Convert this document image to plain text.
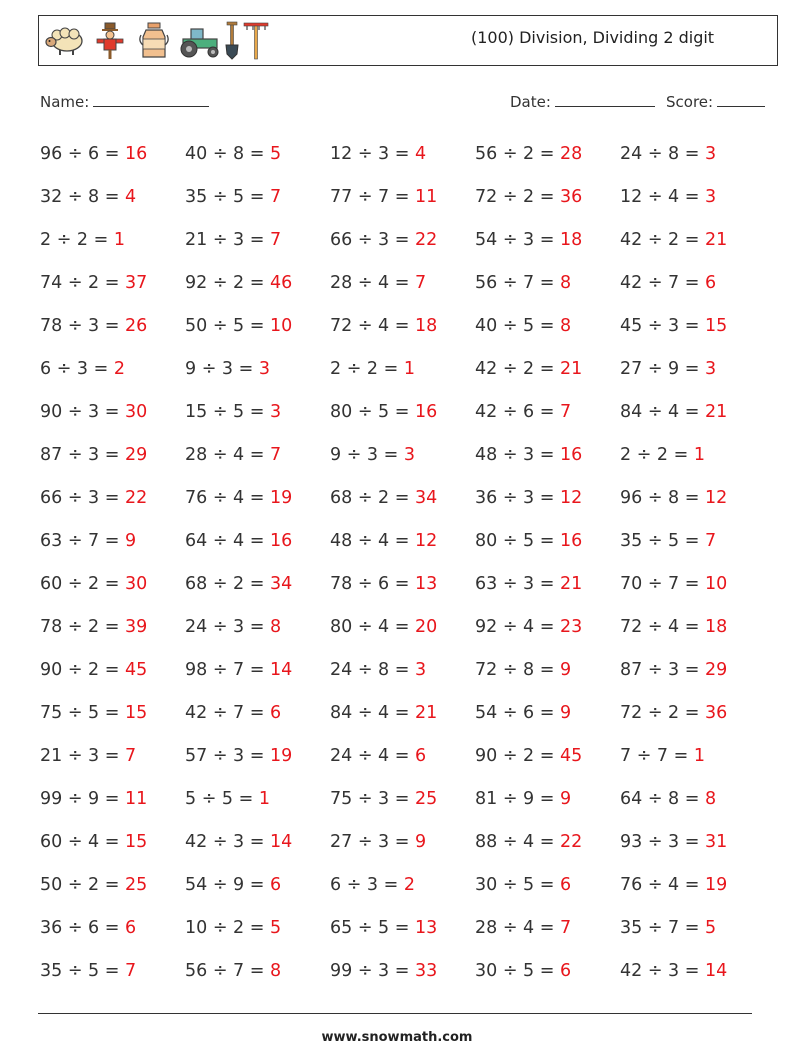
(100) Division, Dividing 2 digit
Name:	Date:	Score:
96 ÷ 6 = 16 40 ÷ 8 = 5	12 ÷ 3 = 4	56 ÷ 2 = 28 24 ÷ 8 = 3
32 ÷ 8 = 4	35 ÷ 5 = 7	77 ÷ 7 = 11 72 ÷ 2 = 36 12 ÷ 4 = 3
2 ÷ 2 = 1	21 ÷ 3 = 7	66 ÷ 3 = 22 54 ÷ 3 = 18 42 ÷ 2 = 21
74 ÷ 2 = 37 92 ÷ 2 = 46 28 ÷ 4 = 7	56 ÷ 7 = 8	42 ÷ 7 = 6
78 ÷ 3 = 26 50 ÷ 5 = 10 72 ÷ 4 = 18 40 ÷ 5 = 8	45 ÷ 3 = 15
6 ÷ 3 = 2	9 ÷ 3 = 3	2 ÷ 2 = 1	42 ÷ 2 = 21 27 ÷ 9 = 3
90 ÷ 3 = 30 15 ÷ 5 = 3	80 ÷ 5 = 16 42 ÷ 6 = 7	84 ÷ 4 = 21
87 ÷ 3 = 29 28 ÷ 4 = 7	9 ÷ 3 = 3	48 ÷ 3 = 16 2 ÷ 2 = 1
66 ÷ 3 = 22 76 ÷ 4 = 19 68 ÷ 2 = 34 36 ÷ 3 = 12 96 ÷ 8 = 12
63 ÷ 7 = 9	64 ÷ 4 = 16 48 ÷ 4 = 12 80 ÷ 5 = 16 35 ÷ 5 = 7
60 ÷ 2 = 30 68 ÷ 2 = 34 78 ÷ 6 = 13 63 ÷ 3 = 21 70 ÷ 7 = 10
78 ÷ 2 = 39 24 ÷ 3 = 8	80 ÷ 4 = 20 92 ÷ 4 = 23 72 ÷ 4 = 18
90 ÷ 2 = 45 98 ÷ 7 = 14 24 ÷ 8 = 3	72 ÷ 8 = 9	87 ÷ 3 = 29
75 ÷ 5 = 15 42 ÷ 7 = 6	84 ÷ 4 = 21 54 ÷ 6 = 9	72 ÷ 2 = 36
21 ÷ 3 = 7	57 ÷ 3 = 19 24 ÷ 4 = 6	90 ÷ 2 = 45 7 ÷ 7 = 1
99 ÷ 9 = 11 5 ÷ 5 = 1	75 ÷ 3 = 25 81 ÷ 9 = 9	64 ÷ 8 = 8
60 ÷ 4 = 15 42 ÷ 3 = 14 27 ÷ 3 = 9	88 ÷ 4 = 22 93 ÷ 3 = 31
50 ÷ 2 = 25 54 ÷ 9 = 6	6 ÷ 3 = 2	30 ÷ 5 = 6	76 ÷ 4 = 19
36 ÷ 6 = 6	10 ÷ 2 = 5	65 ÷ 5 = 13 28 ÷ 4 = 7	35 ÷ 7 = 5
35 ÷ 5 = 7	56 ÷ 7 = 8	99 ÷ 3 = 33 30 ÷ 5 = 6	42 ÷ 3 = 14
www.snowmath.com
